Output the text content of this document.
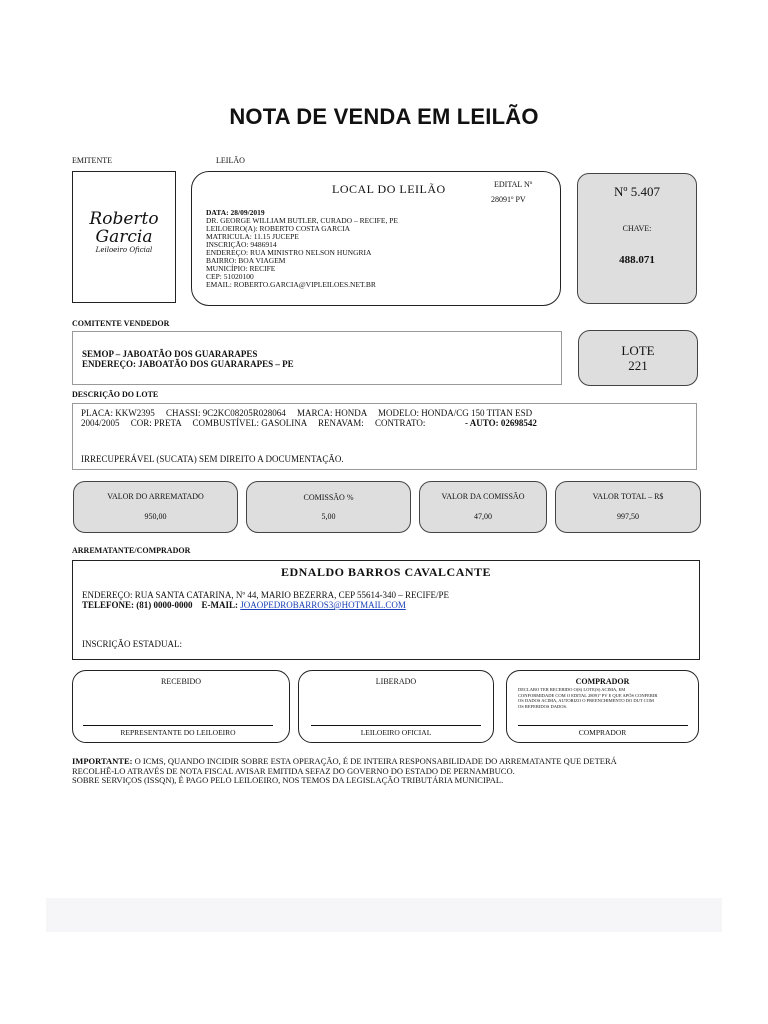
NOTA DE VENDA EM LEILÃO
EMITENTE	LEILÃO
Roberto
Garcia
Leiloeiro Oficial
LOCAL DO LEILÃO	EDITAL Nº
28091º PV
DATA: 28/09/2019
DR. GEORGE WILLIAM BUTLER, CURADO – RECIFE, PE
LEILOEIRO(A): ROBERTO COSTA GARCIA
MATRICULA: 11.15 JUCEPE
INSCRIÇÃO: 9486914
ENDEREÇO: RUA MINISTRO NELSON HUNGRIA
BAIRRO: BOA VIAGEM
MUNICÍPIO: RECIFE
CEP: 51020100
EMAIL: ROBERTO.GARCIA@VIPLEILOES.NET.BR
Nº 5.407
CHAVE:
488.071
COMITENTE VENDEDOR
SEMOP – JABOATÃO DOS GUARARAPES
ENDEREÇO: JABOATÃO DOS GUARARAPES – PE
LOTE
221
DESCRIÇÃO DO LOTE
PLACA: KKW2395     CHASSI: 9C2KC08205R028064     MARCA: HONDA     MODELO: HONDA/CG 150 TITAN ESD
2004/2005     COR: PRETA     COMBUSTÍVEL: GASOLINA     RENAVAM:     CONTRATO:	- AUTO: 02698542
IRRECUPERÁVEL (SUCATA) SEM DIREITO A DOCUMENTAÇÃO.
VALOR DO ARREMATADO
950,00
COMISSÃO %
5,00
VALOR DA COMISSÃO
47,00
VALOR TOTAL – R$
997,50
ARREMATANTE/COMPRADOR
EDNALDO BARROS CAVALCANTE
ENDEREÇO: RUA SANTA CATARINA, Nº 44, MARIO BEZERRA, CEP 55614-340 – RECIFE/PE
TELEFONE: (81) 0000-0000 E-MAIL: JOAOPEDROBARROS3@HOTMAIL.COM
INSCRIÇÃO ESTADUAL:
RECEBIDO
REPRESENTANTE DO LEILOEIRO
LIBERADO
LEILOEIRO OFICIAL
COMPRADOR
DECLARO TER RECEBIDO O(S) LOTE(S) ACIMA, EM CONFORMIDADE COM O EDITAL 28091º PV E QUE APÓS CONFERIR OS DADOS ACIMA, AUTORIZO O PREENCHIMENTO DO DUT COM OS REFERIDOS DADOS.
COMPRADOR
IMPORTANTE: O ICMS, QUANDO INCIDIR SOBRE ESTA OPERAÇÃO, É DE INTEIRA RESPONSABILIDADE DO ARREMATANTE QUE DETERÁ
RECOLHÊ-LO ATRAVÉS DE NOTA FISCAL AVISAR EMITIDA SEFAZ DO GOVERNO DO ESTADO DE PERNAMBUCO.
SOBRE SERVIÇOS (ISSQN), É PAGO PELO LEILOEIRO, NOS TEMOS DA LEGISLAÇÃO TRIBUTÁRIA MUNICIPAL.
